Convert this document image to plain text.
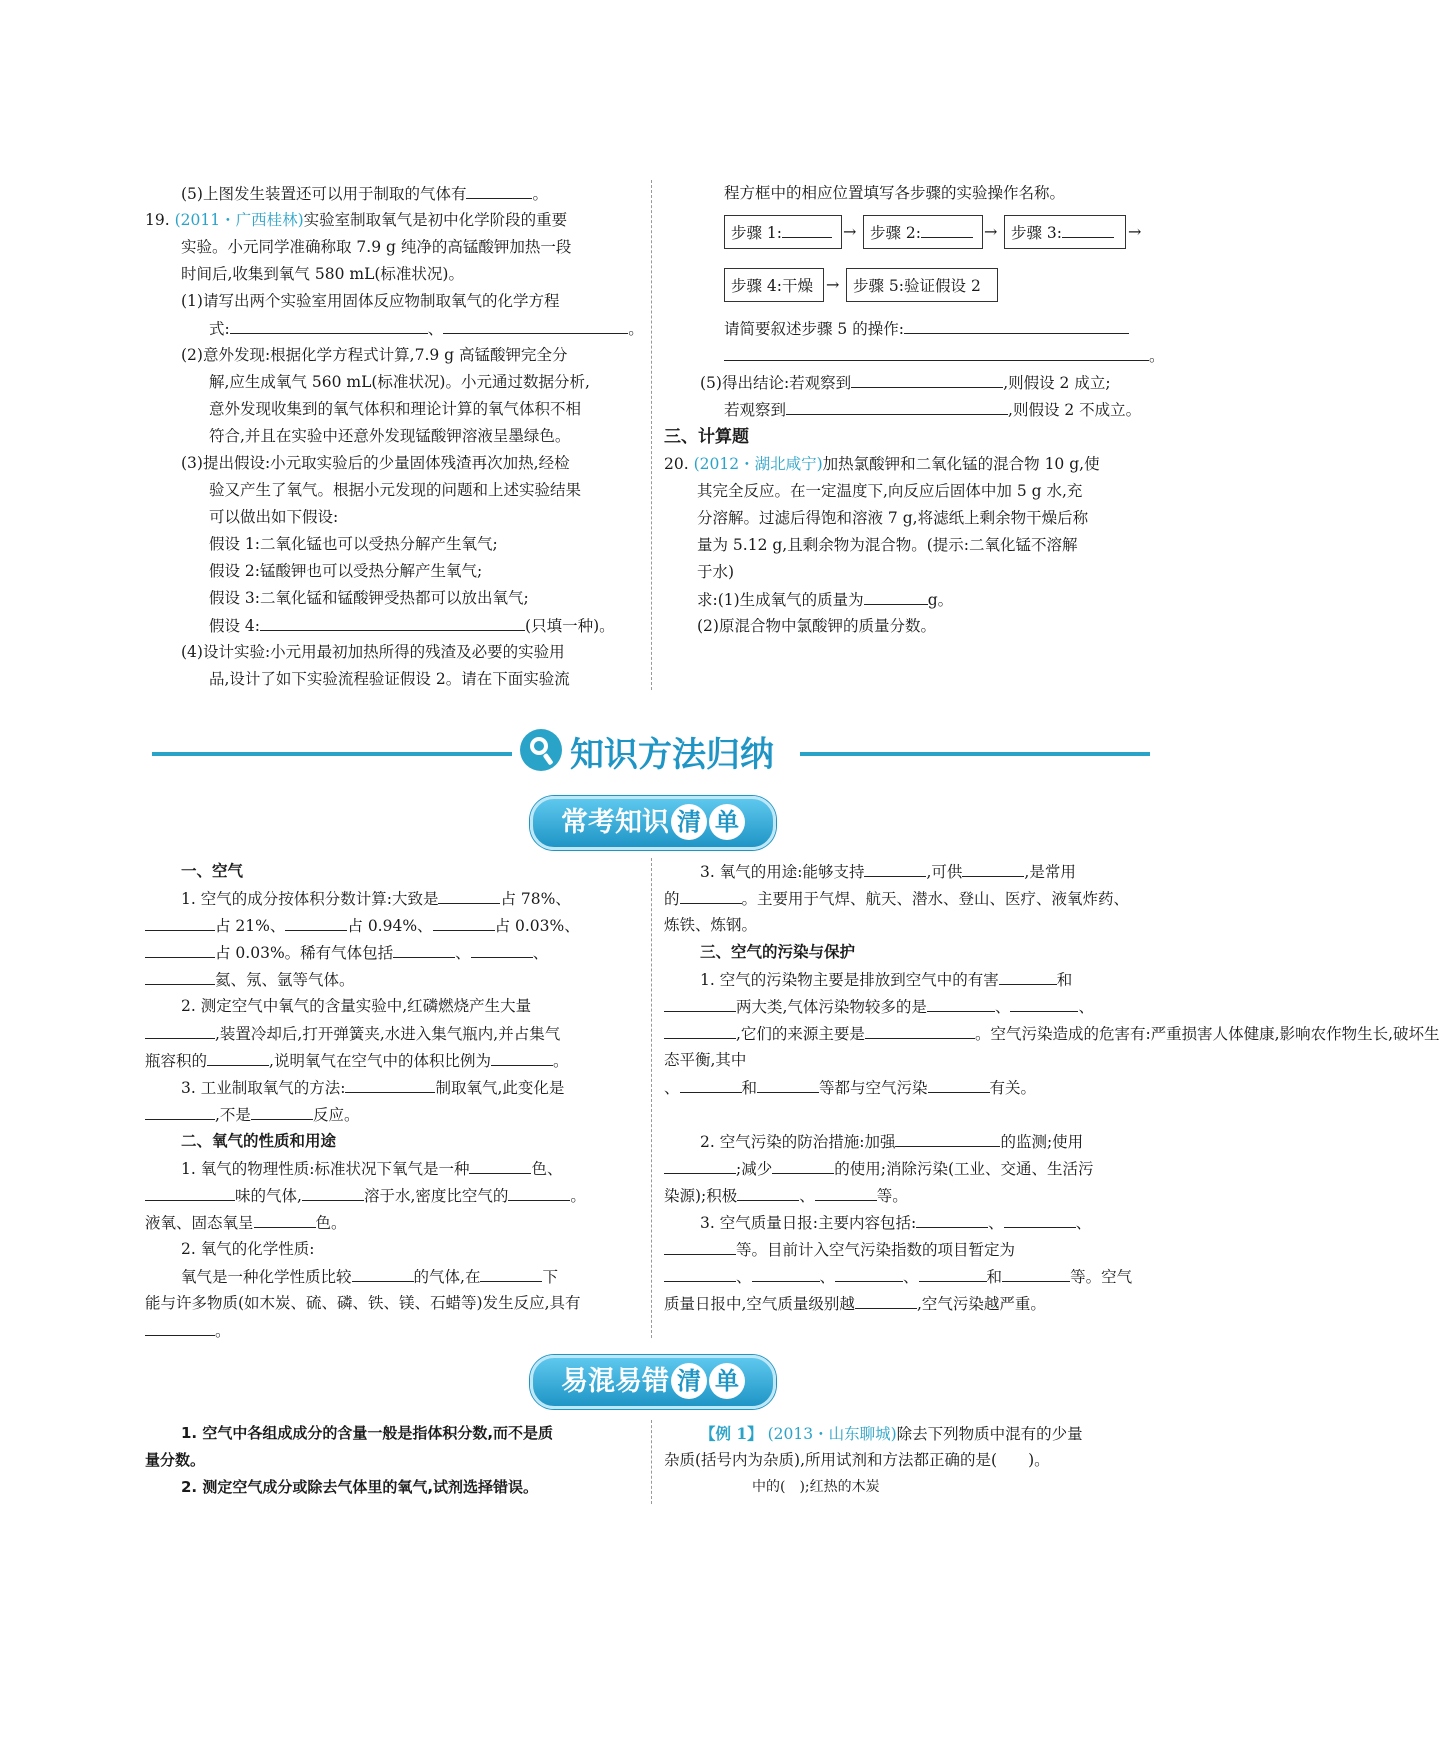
(5)上图发生装置还可以用于制取的气体有	。
19. (2011・广西桂林)实验室制取氧气是初中化学阶段的重要
实验。小元同学准确称取 7.9 g 纯净的高锰酸钾加热一段
时间后,收集到氧气 580 mL(标准状况)。
(1)请写出两个实验室用固体反应物制取氧气的化学方程
式:	、	。
(2)意外发现:根据化学方程式计算,7.9 g 高锰酸钾完全分
解,应生成氧气 560 mL(标准状况)。小元通过数据分析,
意外发现收集到的氧气体积和理论计算的氧气体积不相
符合,并且在实验中还意外发现锰酸钾溶液呈墨绿色。
(3)提出假设:小元取实验后的少量固体残渣再次加热,经检
验又产生了氧气。根据小元发现的问题和上述实验结果
可以做出如下假设:
假设 1:二氧化锰也可以受热分解产生氧气;
假设 2:锰酸钾也可以受热分解产生氧气;
假设 3:二氧化锰和锰酸钾受热都可以放出氧气;
假设 4:	(只填一种)。
(4)设计实验:小元用最初加热所得的残渣及必要的实验用
品,设计了如下实验流程验证假设 2。请在下面实验流
程方框中的相应位置填写各步骤的实验操作名称。
步骤 1:	→ 步骤 2:	→ 步骤 3:	→
步骤 4:干燥 → 步骤 5:验证假设 2
请简要叙述步骤 5 的操作:
。
(5)得出结论:若观察到	,则假设 2 成立;
若观察到	,则假设 2 不成立。
三、计算题
20. (2012・湖北咸宁)加热氯酸钾和二氧化锰的混合物 10 g,使
其完全反应。在一定温度下,向反应后固体中加 5 g 水,充
分溶解。过滤后得饱和溶液 7 g,将滤纸上剩余物干燥后称
量为 5.12 g,且剩余物为混合物。(提示:二氧化锰不溶解
于水)
求:(1)生成氧气的质量为	g。
(2)原混合物中氯酸钾的质量分数。
知识方法归纳
常考知识 清 单
一、空气
1. 空气的成分按体积分数计算:大致是	占 78%、
占 21%、	占 0.94%、	占 0.03%、
占 0.03%。稀有气体包括	、	、
氦、氖、氩等气体。
2. 测定空气中氧气的含量实验中,红磷燃烧产生大量
,装置冷却后,打开弹簧夹,水进入集气瓶内,并占集气
瓶容积的	,说明氧气在空气中的体积比例为	。
3. 工业制取氧气的方法:	制取氧气,此变化是
,不是	反应。
二、氧气的性质和用途
1. 氧气的物理性质:标准状况下氧气是一种	色、
味的气体,	溶于水,密度比空气的	。
液氧、固态氧呈	色。
2. 氧气的化学性质:
氧气是一种化学性质比较	的气体,在	下
能与许多物质(如木炭、硫、磷、铁、镁、石蜡等)发生反应,具有
。
3. 氧气的用途:能够支持	,可供	,是常用
的	。主要用于气焊、航天、潜水、登山、医疗、液氧炸药、
炼铁、炼钢。
三、空气的污染与保护
1. 空气的污染物主要是排放到空气中的有害	和
两大类,气体污染物较多的是	、	、
,它们的来源主要是	。空气污染造成的危害有:严重损害人体健康,影响农作物生长,破坏生
态平衡,其中
、	和	等都与空气污染	有关。
2. 空气污染的防治措施:加强	的监测;使用
;减少	的使用;消除污染(工业、交通、生活污
染源);积极	、	等。
3. 空气质量日报:主要内容包括:	、	、
等。目前计入空气污染指数的项目暂定为
、	、	、	和	等。空气
质量日报中,空气质量级别越	,空气污染越严重。
易混易错 清 单
1. 空气中各组成成分的含量一般是指体积分数,而不是质
量分数。
2. 测定空气成分或除去气体里的氧气,试剂选择错误。
【例 1】 (2013・山东聊城)除去下列物质中混有的少量
杂质(括号内为杂质),所用试剂和方法都正确的是(　　)。
中的(　);红热的木炭
